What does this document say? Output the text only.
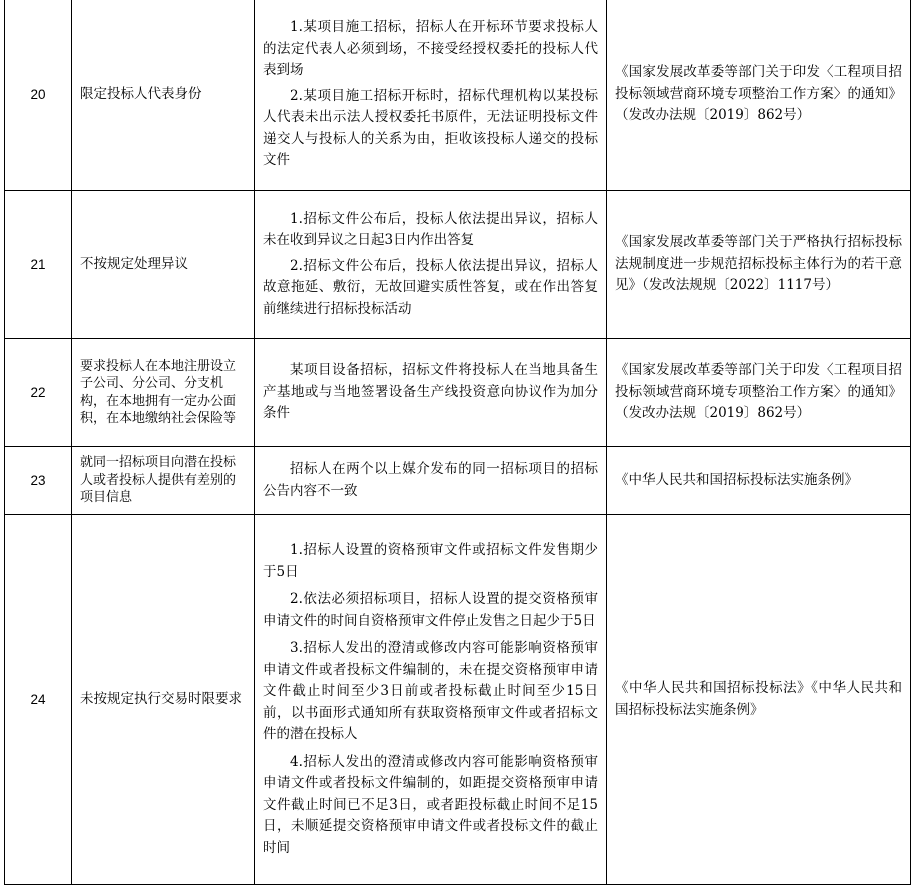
20	限定投标人代表身份	1.某项目施工招标，招标人在开标环节要求投标人的法定代表人必须到场，不接受经授权委托的投标人代表到场

2.某项目施工招标开标时，招标代理机构以某投标人代表未出示法人授权委托书原件，无法证明投标文件递交人与投标人的关系为由，拒收该投标人递交的投标文件	《国家发展改革委等部门关于印发〈工程项目招投标领域营商环境专项整治工作方案〉的通知》（发改办法规〔2019〕862号）
21	不按规定处理异议	1.招标文件公布后，投标人依法提出异议，招标人未在收到异议之日起3日内作出答复

2.招标文件公布后，投标人依法提出异议，招标人故意拖延、敷衍，无故回避实质性答复，或在作出答复前继续进行招标投标活动	《国家发展改革委等部门关于严格执行招标投标法规制度进一步规范招标投标主体行为的若干意见》（发改法规规〔2022〕1117号）
22	要求投标人在本地注册设立子公司、分公司、分支机构，在本地拥有一定办公面积，在本地缴纳社会保险等	某项目设备招标，招标文件将投标人在当地具备生产基地或与当地签署设备生产线投资意向协议作为加分条件	《国家发展改革委等部门关于印发〈工程项目招投标领域营商环境专项整治工作方案〉的通知》（发改办法规〔2019〕862号）
23	就同一招标项目向潜在投标人或者投标人提供有差别的项目信息	招标人在两个以上媒介发布的同一招标项目的招标公告内容不一致	《中华人民共和国招标投标法实施条例》
24	未按规定执行交易时限要求	1.招标人设置的资格预审文件或招标文件发售期少于5日

2.依法必须招标项目，招标人设置的提交资格预审申请文件的时间自资格预审文件停止发售之日起少于5日

3.招标人发出的澄清或修改内容可能影响资格预审申请文件或者投标文件编制的，未在提交资格预审申请文件截止时间至少3日前或者投标截止时间至少15日前，以书面形式通知所有获取资格预审文件或者招标文件的潜在投标人

4.招标人发出的澄清或修改内容可能影响资格预审申请文件或者投标文件编制的，如距提交资格预审申请文件截止时间已不足3日，或者距投标截止时间不足15日，未顺延提交资格预审申请文件或者投标文件的截止时间	《中华人民共和国招标投标法》《中华人民共和国招标投标法实施条例》
